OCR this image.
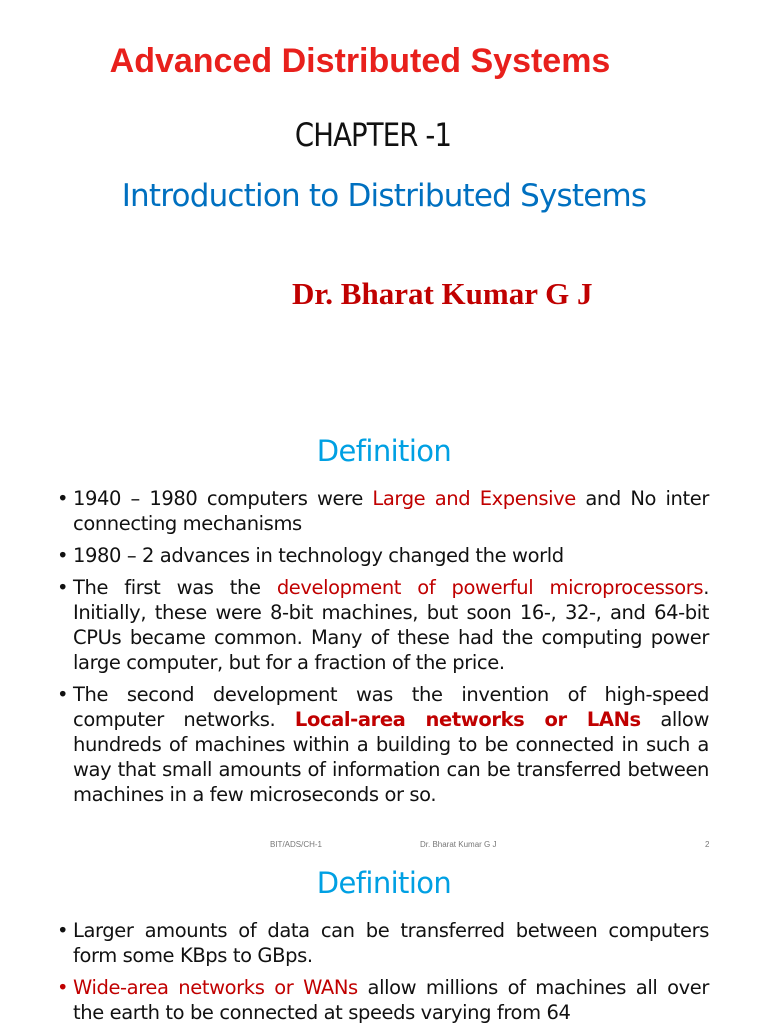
Advanced Distributed Systems
CHAPTER -1
Introduction to Distributed Systems
Dr. Bharat Kumar G J
Definition
• 1940 – 1980 computers were Large and Expensive and No inter connecting mechanisms
• 1980 – 2 advances in technology changed the world
• The first was the development of powerful microprocessors. Initially, these were 8-bit machines, but soon 16-, 32-, and 64-bit CPUs became common. Many of these had the computing power large computer, but for a fraction of the price.
• The second development was the invention of high-speed computer networks. Local-area networks or LANs allow hundreds of machines within a building to be connected in such a way that small amounts of information can be transferred between machines in a few microseconds or so.
BIT/ADS/CH-1	Dr. Bharat Kumar G J	2
Definition
• Larger amounts of data can be transferred between computers form some KBps to GBps.
• Wide-area networks or WANs allow millions of machines all over the earth to be connected at speeds varying from 64
